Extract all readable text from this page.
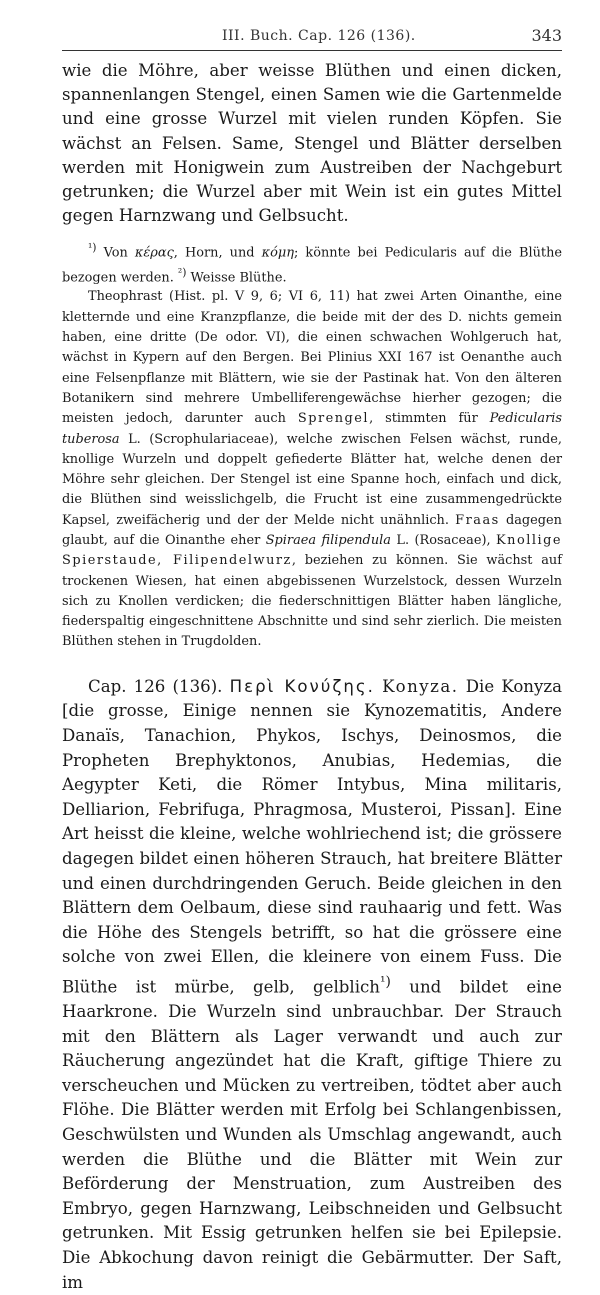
III. Buch. Cap. 126 (136).	343

wie die Möhre, aber weisse Blüthen und einen dicken, spannenlangen Stengel, einen Samen wie die Gartenmelde und eine grosse Wurzel mit vielen runden Köpfen. Sie wächst an Felsen. Same, Stengel und Blätter derselben werden mit Honigwein zum Austreiben der Nachgeburt getrunken; die Wurzel aber mit Wein ist ein gutes Mittel gegen Harnzwang und Gelbsucht.

$^{^1)}$ Von κέρας, Horn, und κόμη; könnte bei Pedicularis auf die Blüthe bezogen werden. $^{^2)}$ Weisse Blüthe.

Theophrast (Hist. pl. V 9, 6; VI 6, 11) hat zwei Arten Oinanthe, eine kletternde und eine Kranzpflanze, die beide mit der des D. nichts gemein haben, eine dritte (De odor. VI), die einen schwachen Wohlgeruch hat, wächst in Kypern auf den Bergen. Bei Plinius XXI 167 ist Oenanthe auch eine Felsenpflanze mit Blättern, wie sie der Pastinak hat. Von den älteren Botanikern sind mehrere Umbelliferengewächse hierher gezogen; die meisten jedoch, darunter auch Sprengel, stimmten für Pedicularis tuberosa L. (Scrophulariaceae), welche zwischen Felsen wächst, runde, knollige Wurzeln und doppelt gefiederte Blätter hat, welche denen der Möhre sehr gleichen. Der Stengel ist eine Spanne hoch, einfach und dick, die Blüthen sind weisslichgelb, die Frucht ist eine zusammengedrückte Kapsel, zweifächerig und der der Melde nicht unähnlich. Fraas dagegen glaubt, auf die Oinanthe eher Spiraea filipendula L. (Rosaceae), Knollige Spierstaude, Filipendelwurz, beziehen zu können. Sie wächst auf trockenen Wiesen, hat einen abgebissenen Wurzelstock, dessen Wurzeln sich zu Knollen verdicken; die fiederschnittigen Blätter haben längliche, fiederspaltig eingeschnittene Abschnitte und sind sehr zierlich. Die meisten Blüthen stehen in Trugdolden.

Cap. 126 (136). Περὶ Κονύζης. Konyza. Die Konyza [die grosse, Einige nennen sie Kynozematitis, Andere Danaïs, Tanachion, Phykos, Ischys, Deinosmos, die Propheten Brephyktonos, Anubias, Hedemias, die Aegypter Keti, die Römer Intybus, Mina militaris, Delliarion, Febrifuga, Phragmosa, Musteroi, Pissan]. Eine Art heisst die kleine, welche wohlriechend ist; die grössere dagegen bildet einen höheren Strauch, hat breitere Blätter und einen durchdringenden Geruch. Beide gleichen in den Blättern dem Oelbaum, diese sind rauhaarig und fett. Was die Höhe des Stengels betrifft, so hat die grössere eine solche von zwei Ellen, die kleinere von einem Fuss. Die Blüthe ist mürbe, gelb, gelblich$^{^1)}$ und bildet eine Haarkrone. Die Wurzeln sind unbrauchbar. Der Strauch mit den Blättern als Lager verwandt und auch zur Räucherung angezündet hat die Kraft, giftige Thiere zu verscheuchen und Mücken zu vertreiben, tödtet aber auch Flöhe. Die Blätter werden mit Erfolg bei Schlangenbissen, Geschwülsten und Wunden als Umschlag angewandt, auch werden die Blüthe und die Blätter mit Wein zur Beförderung der Menstruation, zum Austreiben des Embryo, gegen Harnzwang, Leibschneiden und Gelbsucht getrunken. Mit Essig getrunken helfen sie bei Epilepsie. Die Abkochung davon reinigt die Gebärmutter. Der Saft, im
